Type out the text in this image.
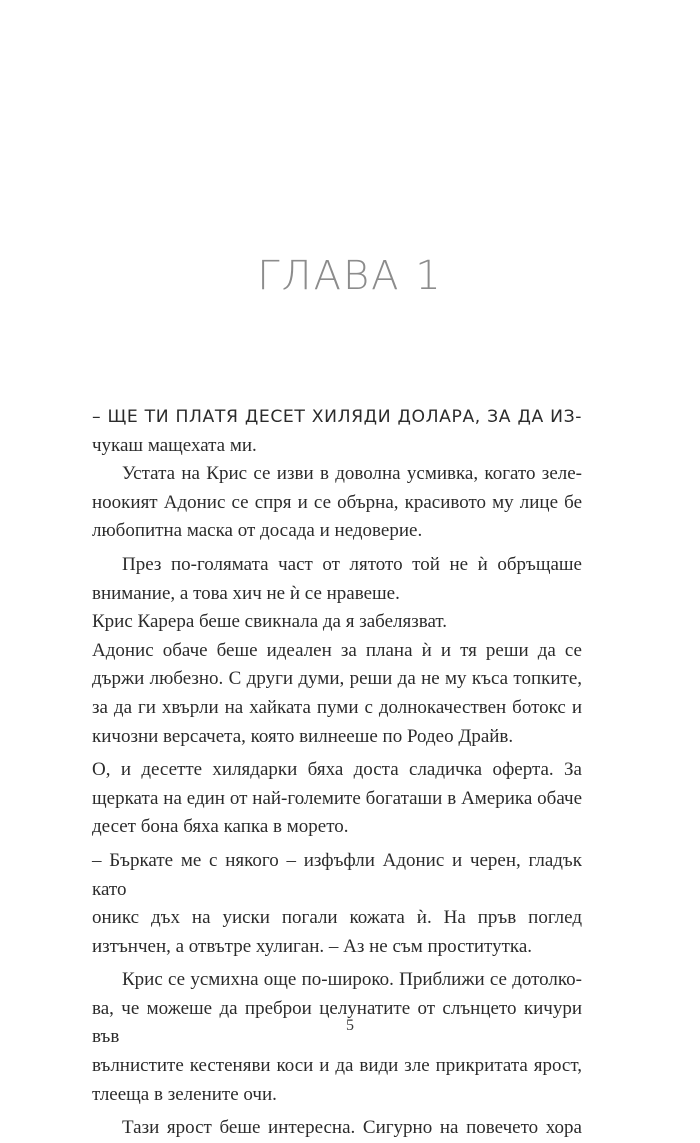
ГЛАВА 1

– ЩЕ ТИ ПЛАТЯ ДЕСЕТ ХИЛЯДИ ДОЛАРА, ЗА ДА ИЗ-
чукаш мащехата ми.

Устата на Крис се изви в доволна усмивка, когато зеле-
ноокият Адонис се спря и се обърна, красивото му лице бе
любопитна маска от досада и недоверие.

През по-голямата част от лятото той не ѝ обръщаше
внимание, а това хич не ѝ се нравеше.

Крис Карера беше свикнала да я забелязват.

Адонис обаче беше идеален за плана ѝ и тя реши да се
държи любезно. С други думи, реши да не му къса топките,
за да ги хвърли на хайката пуми с долнокачествен ботокс и
кичозни версачета, която вилнееше по Родео Драйв.

О, и десетте хилядарки бяха доста сладичка оферта. За
щерката на един от най-големите богаташи в Америка обаче
десет бона бяха капка в морето.

– Бъркате ме с някого – изфъфли Адонис и черен, гладък като
оникс дъх на уиски погали кожата ѝ. На пръв поглед
изтънчен, а отвътре хулиган. – Аз не съм проститутка.

Крис се усмихна още по-широко. Приближи се дотолко-
ва, че можеше да преброи целунатите от слънцето кичури във
вълнистите кестеняви коси и да види зле прикритата ярост,
тлееща в зелените очи.

Тази ярост беше интересна. Сигурно на повечето хора

5
